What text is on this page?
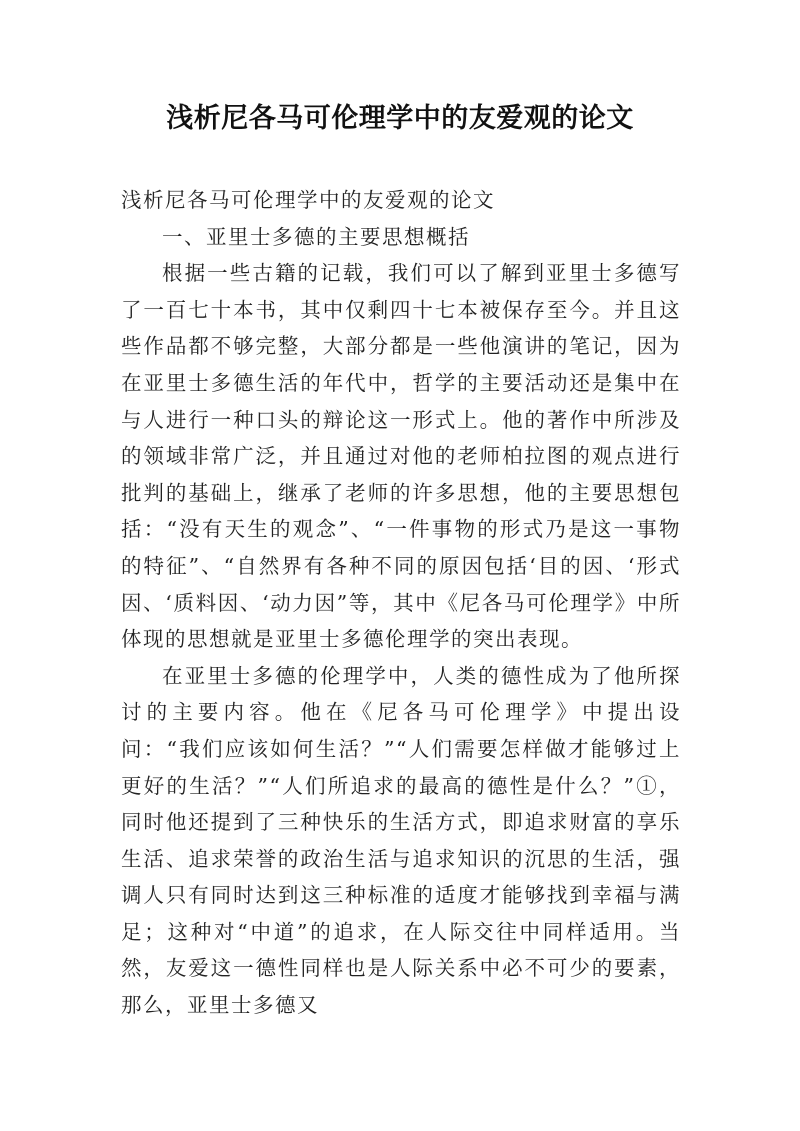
浅析尼各马可伦理学中的友爱观的论文

浅析尼各马可伦理学中的友爱观的论文

一、亚里士多德的主要思想概括

根据一些古籍的记载，我们可以了解到亚里士多德写了一百七十本书，其中仅剩四十七本被保存至今。并且这些作品都不够完整，大部分都是一些他演讲的笔记，因为在亚里士多德生活的年代中，哲学的主要活动还是集中在与人进行一种口头的辩论这一形式上。他的著作中所涉及的领域非常广泛，并且通过对他的老师柏拉图的观点进行批判的基础上，继承了老师的许多思想，他的主要思想包括：“没有天生的观念”、“一件事物的形式乃是这一事物的特征”、“自然界有各种不同的原因包括‘目的因、‘形式因、‘质料因、‘动力因”等，其中《尼各马可伦理学》中所体现的思想就是亚里士多德伦理学的突出表现。

在亚里士多德的伦理学中，人类的德性成为了他所探讨的主要内容。他在《尼各马可伦理学》中提出设问：“我们应该如何生活？”“人们需要怎样做才能够过上更好的生活？”“人们所追求的最高的德性是什么？”①，同时他还提到了三种快乐的生活方式，即追求财富的享乐生活、追求荣誉的政治生活与追求知识的沉思的生活，强调人只有同时达到这三种标准的适度才能够找到幸福与满足；这种对“中道”的追求，在人际交往中同样适用。当然，友爱这一德性同样也是人际关系中必不可少的要素，那么，亚里士多德又
